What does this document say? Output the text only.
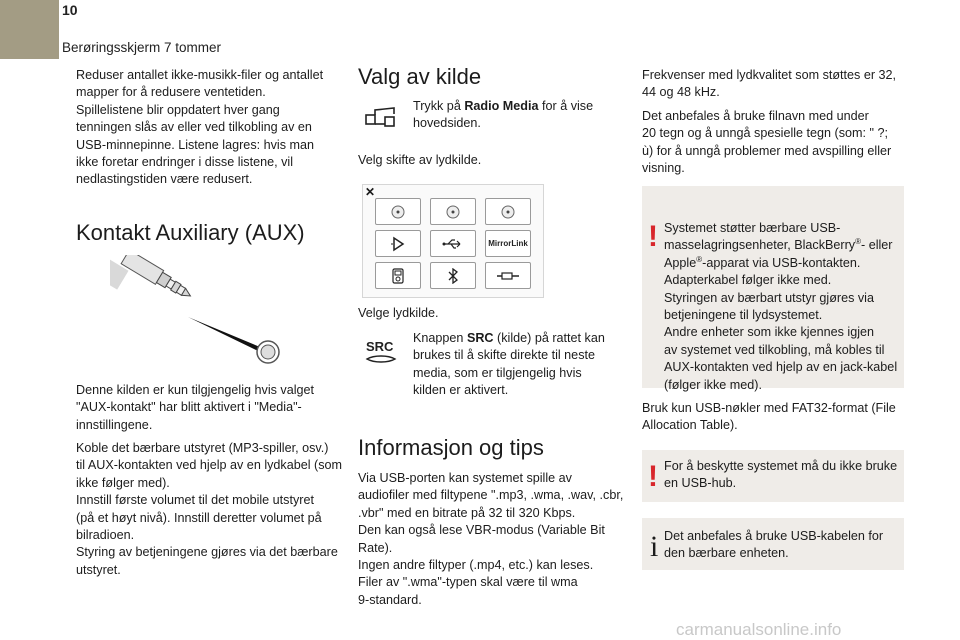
10
Berøringsskjerm 7 tommer
Reduser antallet ikke-musikk-filer og antallet
mapper for å redusere ventetiden.
Spillelistene blir oppdatert hver gang
tenningen slås av eller ved tilkobling av en
USB-minnepinne. Listene lagres: hvis man
ikke foretar endringer i disse listene, vil
nedlastingstiden være redusert.
Kontakt Auxiliary (AUX)
Denne kilden er kun tilgjengelig hvis valget
"AUX-kontakt" har blitt aktivert i "Media"-
innstillingene.
Koble det bærbare utstyret (MP3-spiller, osv.)
til AUX-kontakten ved hjelp av en lydkabel (som
ikke følger med).
Innstill første volumet til det mobile utstyret
(på et høyt nivå). Innstill deretter volumet på
bilradioen.
Styring av betjeningene gjøres via det bærbare
utstyret.
Valg av kilde
Trykk på Radio Media for å vise
hovedsiden.
Velg skifte av lydkilde.
✕
MirrorLink
Velge lydkilde.
SRC
Knappen SRC (kilde) på rattet kan
brukes til å skifte direkte til neste
media, som er tilgjengelig hvis
kilden er aktivert.
Informasjon og tips
Via USB-porten kan systemet spille av
audiofiler med filtypene ".mp3, .wma, .wav, .cbr,
.vbr" med en bitrate på 32 til 320 Kbps.
Den kan også lese VBR-modus (Variable Bit
Rate).
Ingen andre filtyper (.mp4, etc.) kan leses.
Filer av ".wma"-typen skal være til wma
9-standard.
Frekvenser med lydkvalitet som støttes er 32,
44 og 48 kHz.
Det anbefales å bruke filnavn med under
20 tegn og å unngå spesielle tegn (som: " ?;
ù) for å unngå problemer med avspilling eller
visning.
! Systemet støtter bærbare USB-
masselagringsenheter, BlackBerry®- eller
Apple®-apparat via USB-kontakten.
Adapterkabel følger ikke med.
Styringen av bærbart utstyr gjøres via
betjeningene til lydsystemet.
Andre enheter som ikke kjennes igjen
av systemet ved tilkobling, må kobles til
AUX-kontakten ved hjelp av en jack-kabel
(følger ikke med).
Bruk kun USB-nøkler med FAT32-format (File
Allocation Table).
! For å beskytte systemet må du ikke bruke
en USB-hub.
i Det anbefales å bruke USB-kabelen for
den bærbare enheten.
carmanualsonline.info
